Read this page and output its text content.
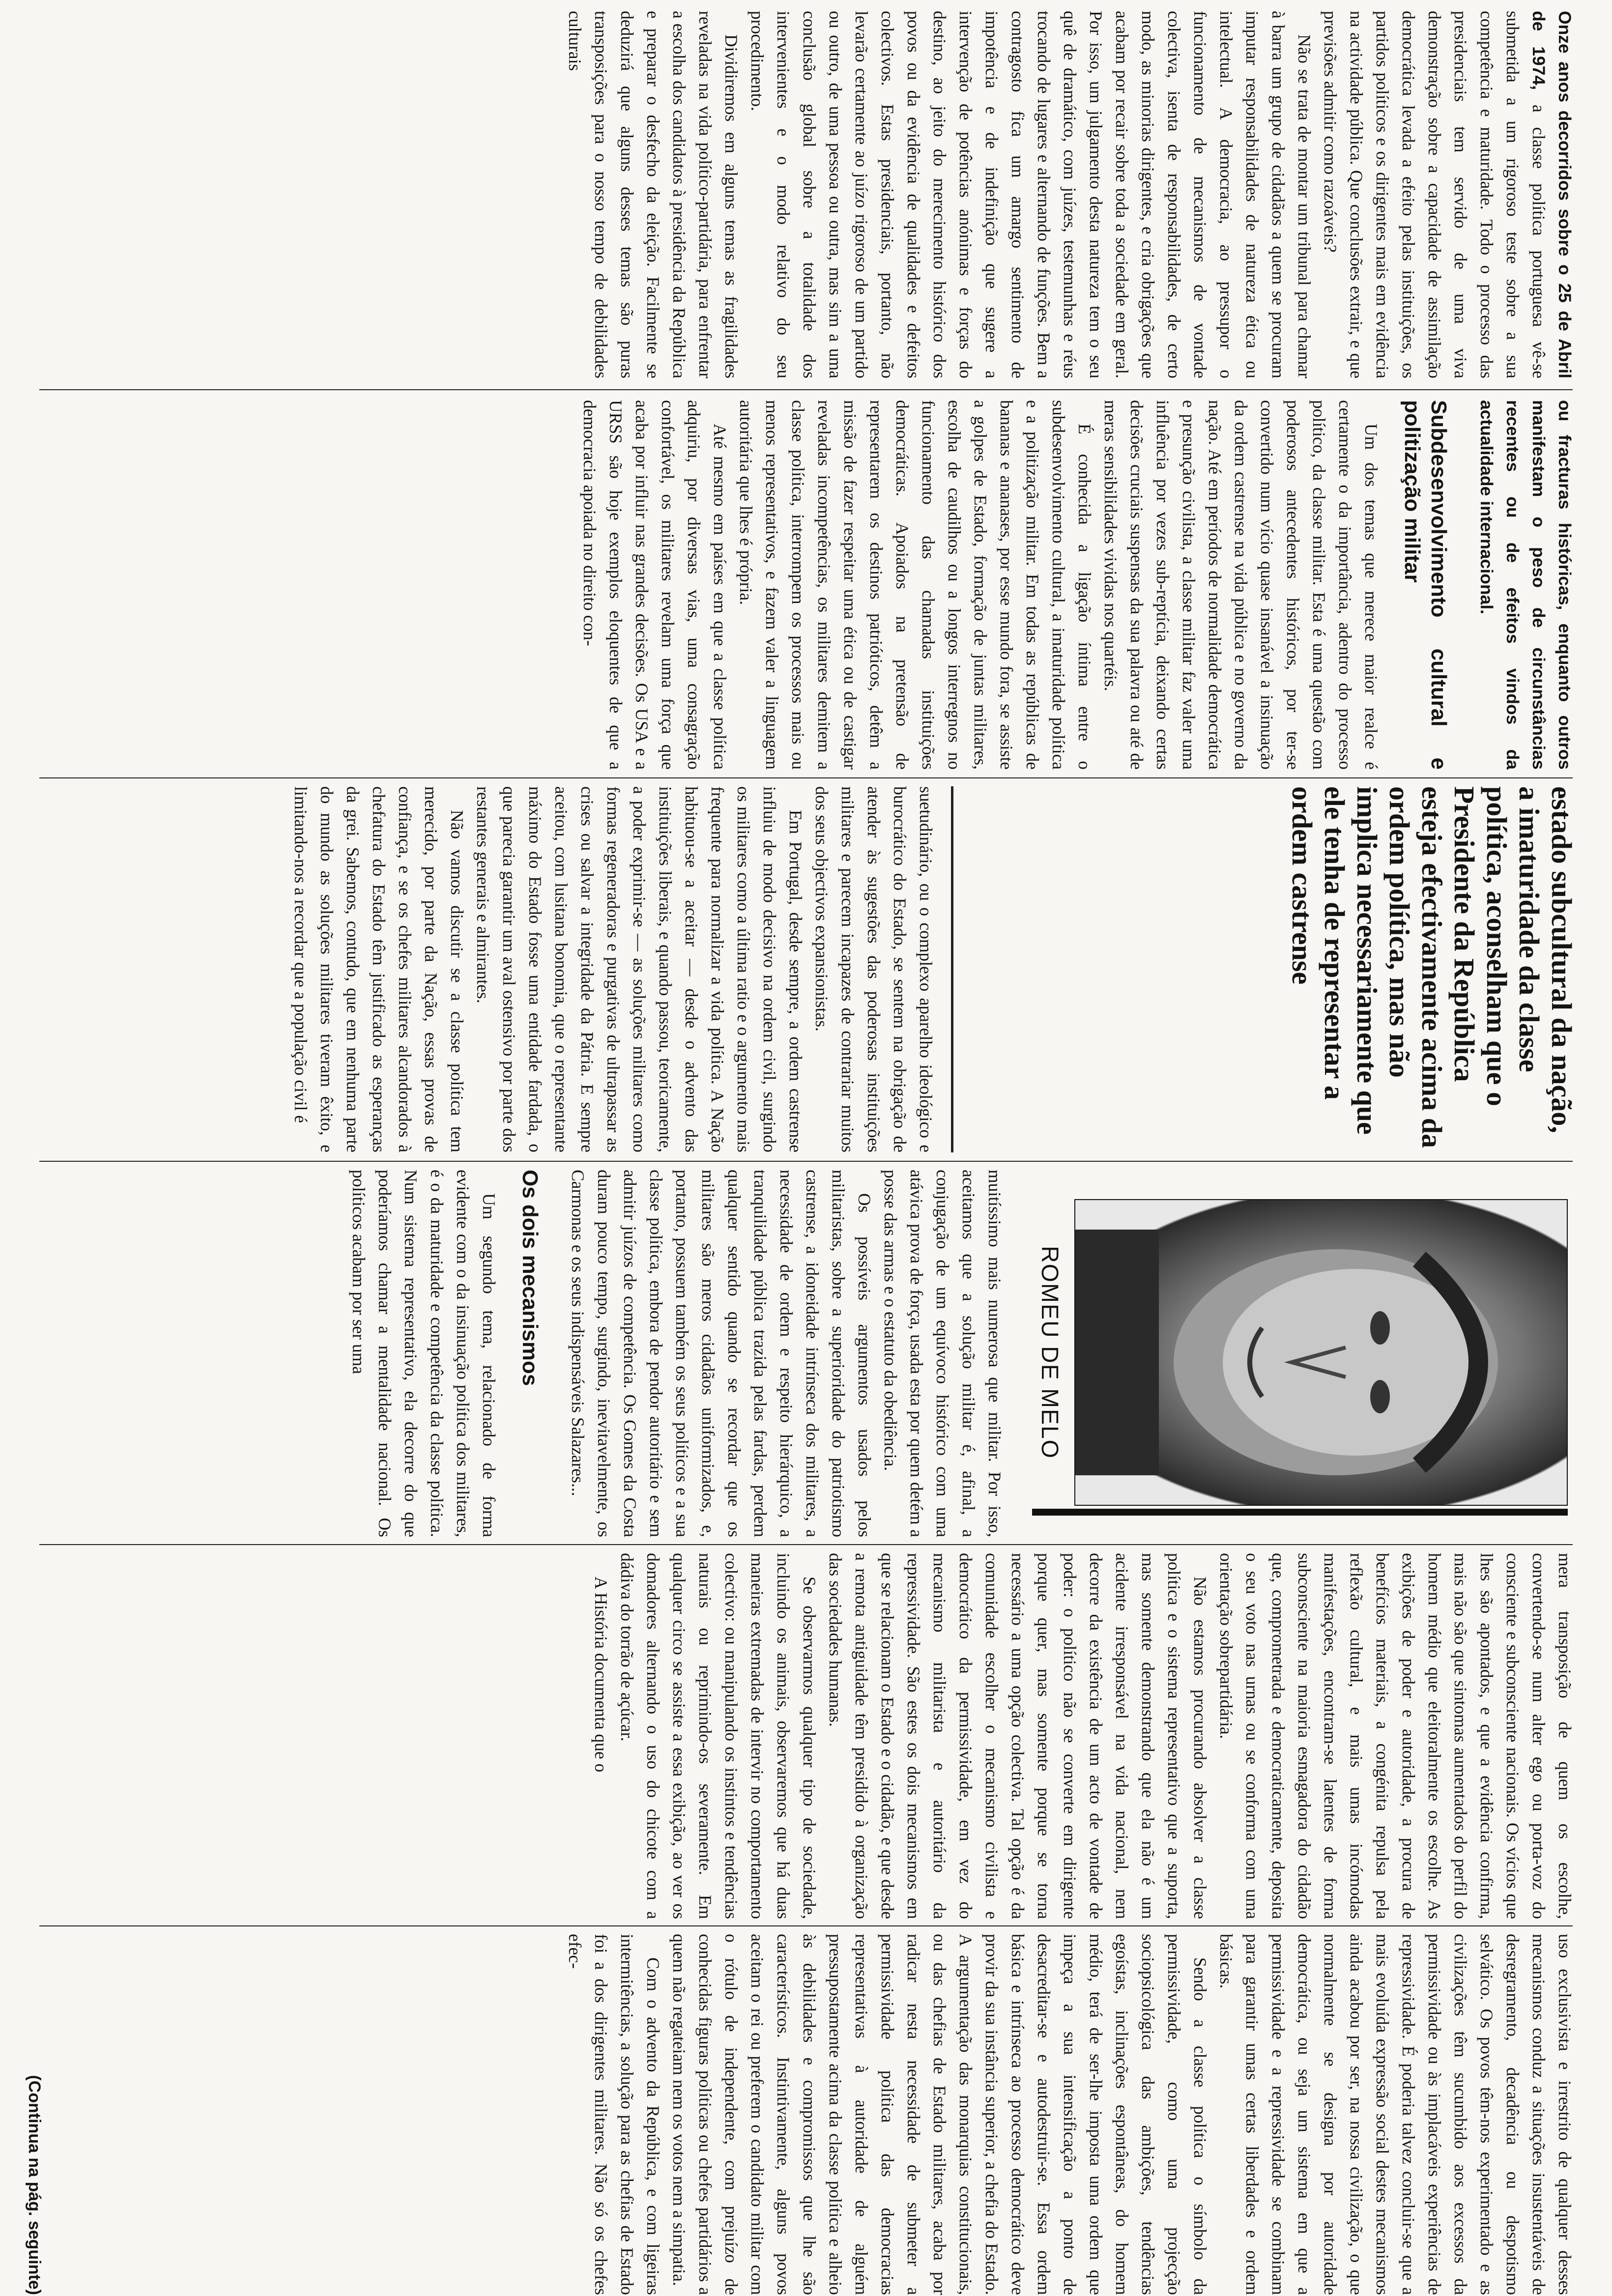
Onze anos decorridos sobre o 25 de Abril de 1974, a classe política portuguesa vê-se submetida a um rigoroso teste sobre a sua competência e maturidade. Todo o processo das presidenciais tem servido de uma viva demonstração sobre a capacidade de assimilação democrática levada a efeito pelas instituições, os partidos políticos e os dirigentes mais em evidência na actividade pública. Que conclusões extrair, e que previsões admitir como razoáveis?

Não se trata de montar um tribunal para chamar à barra um grupo de cidadãos a quem se procuram imputar responsabilidades de natureza ética ou intelectual. A democracia, ao pressupor o funcionamento de mecanismos de vontade colectiva, isenta de responsabilidades, de certo modo, as minorias dirigentes, e cria obrigações que acabam por recair sobre toda a sociedade em geral. Por isso, um julgamento desta natureza tem o seu quê de dramático, com juízes, testemunhas e réus trocando de lugares e alternando de funções. Bem a contragosto fica um amargo sentimento de impotência e de indefinição que sugere a intervenção de potências anónimas e forças do destino, ao jeito do merecimento histórico dos povos ou da evidência de qualidades e defeitos colectivos. Estas presidenciais, portanto, não levarão certamente ao juízo rigoroso de um partido ou outro, de uma pessoa ou outra, mas sim a uma conclusão global sobre a totalidade dos intervenientes e o modo relativo do seu procedimento.

Dividiremos em alguns temas as fragilidades reveladas na vida político-partidária, para enfrentar a escolha dos candidatos à presidência da República e preparar o desfecho da eleição. Facilmente se deduzirá que alguns desses temas são puras transposições para o nosso tempo de debilidades culturais

ou fracturas históricas, enquanto outros manifestam o peso de circunstâncias recentes ou de efeitos vindos da actualidade internacional.

Subdesenvolvimento cultural e politização militar

Um dos temas que merece maior realce é certamente o da importância, adentro do processo político, da classe militar. Esta é uma questão com poderosos antecedentes históricos, por ter-se convertido num vício quase insanável a insinuação da ordem castrense na vida pública e no governo da nação. Até em períodos de normalidade democrática e presunção civilista, a classe militar faz valer uma influência por vezes sub-reptícia, deixando certas decisões cruciais suspensas da sua palavra ou até de meras sensibilidades vividas nos quartéis.

É conhecida a ligação íntima entre o subdesenvolvimento cultural, a imaturidade política e a politização militar. Em todas as repúblicas de bananas e ananases, por esse mundo fora, se assiste a golpes de Estado, formação de juntas militares, escolha de caudilhos ou a longos interregnos no funcionamento das chamadas instituições democráticas. Apoiados na pretensão de representarem os destinos patrióticos, detêm a missão de fazer respeitar uma ética ou de castigar reveladas incompetências, os militares demitem a classe política, interrompem os processos mais ou menos representativos, e fazem valer a linguagem autoritária que lhes é própria.

Até mesmo em países em que a classe política adquiriu, por diversas vias, uma consagração confortável, os militares revelam uma força que acaba por influir nas grandes decisões. Os USA e a URSS são hoje exemplos eloquentes de que a democracia apoiada no direito con-

estado subcultural da nação, a imaturidade da classe política, aconselham que o Presidente da República esteja efectivamente acima da ordem política, mas não implica necessariamente que ele tenha de representar a ordem castrense

suetudinário, ou o complexo aparelho ideológico e burocrático do Estado, se sentem na obrigação de atender às sugestões das poderosas instituições militares e parecem incapazes de contrariar muitos dos seus objectivos expansionistas.

Em Portugal, desde sempre, a ordem castrense influiu de modo decisivo na ordem civil, surgindo os militares como a última ratio e o argumento mais frequente para normalizar a vida política. A Nação habituou-se a aceitar — desde o advento das instituições liberais, e quando passou, teoricamente, a poder exprimir-se — as soluções militares como formas regeneradoras e purgativas de ultrapassar as crises ou salvar a integridade da Pátria. E sempre aceitou, com lusitana bonomia, que o representante máximo do Estado fosse uma entidade fardada, o que parecia garantir um aval ostensivo por parte dos restantes generais e almirantes.

Não vamos discutir se a classe política tem merecido, por parte da Nação, essas provas de confiança, e se os chefes militares alcandorados à chefatura do Estado têm justificado as esperanças da grei. Sabemos, contudo, que em nenhuma parte do mundo as soluções militares tiveram êxito, e limitando-nos a recordar que a população civil é

ROMEU DE MELO

muitíssimo mais numerosa que militar. Por isso, aceitamos que a solução militar é, afinal, a conjugação de um equívoco histórico com uma atávica prova de força, usada esta por quem detém a posse das armas e o estatuto da obediência.

Os possíveis argumentos usados pelos militaristas, sobre a superioridade do patriotismo castrense, a idoneidade intrínseca dos militares, a necessidade de ordem e respeito hierárquico, a tranquilidade pública trazida pelas fardas, perdem qualquer sentido quando se recordar que os militares são meros cidadãos uniformizados, e, portanto, possuem também os seus políticos e a sua classe política, embora de pendor autoritário e sem admitir juízos de competência. Os Gomes da Costa duram pouco tempo, surgindo, inevitavelmente, os Carmonas e os seus indispensáveis Salazares...

Os dois mecanismos

Um segundo tema, relacionado de forma evidente com o da insinuação política dos militares, é o da maturidade e competência da classe política. Num sistema representativo, ela decorre do que poderíamos chamar a mentalidade nacional. Os políticos acabam por ser uma

mera transposição de quem os escolhe, convertendo-se num alter ego ou porta-voz do consciente e subconsciente nacionais. Os vícios que lhes são apontados, e que a evidência confirma, mais não são que sintomas aumentados do perfil do homem médio que eleitoralmente os escolhe. As exibições de poder e autoridade, a procura de benefícios materiais, a congénita repulsa pela reflexão cultural, e mais umas incómodas manifestações, encontram-se latentes de forma subconsciente na maioria esmagadora do cidadão que, comprometrada e democraticamente, deposita o seu voto nas urnas ou se conforma com uma orientação sobrepartidária.

Não estamos procurando absolver a classe política e o sistema representativo que a suporta, mas somente demonstrando que ela não é um acidente irresponsável na vida nacional, nem decorre da existência de um acto de vontade de poder: o político não se converte em dirigente porque quer, mas somente porque se torna necessário a uma opção colectiva. Tal opção é da comunidade escolher o mecanismo civilista e democrático da permissividade, em vez do mecanismo militarista e autoritário da repressividade. São estes os dois mecanismos em que se relacionam o Estado e o cidadão, e que desde a remota antiguidade têm presidido à organização das sociedades humanas.

Se observarmos qualquer tipo de sociedade, incluindo os animais, observaremos que há duas maneiras extremadas de intervir no comportamento colectivo: ou manipulando os instintos e tendências naturais ou reprimindo-os severamente. Em qualquer circo se assiste a essa exibição, ao ver os domadores alternando o uso do chicote com a dádiva do torrão de açúcar.

A História documenta que o

uso exclusivista e irrestrito de qualquer desses mecanismos conduz a situações insustentáveis de desregramento, decadência ou despotismo selvático. Os povos têm-nos experimentado e as civilizações têm sucumbido aos excessos da permissividade ou às implacáveis experiências de repressividade. É poderia talvez concluir-se que a mais evoluída expressão social destes mecanismos ainda acabou por ser, na nossa civilização, o que normalmente se designa por autoridade democrática, ou seja um sistema em que a permissividade e a repressividade se combinam para garantir umas certas liberdades e ordem básicas.

Sendo a classe política o símbolo da permissividade, como uma projecção sociopsicológica das ambições, tendências egoístas, inclinações espontâneas, do homem médio, terá de ser-lhe imposta uma ordem que impeça a sua intensificação a ponto de desacreditar-se e autodestruir-se. Essa ordem básica e intrínseca ao processo democrático deve provir da sua instância superior, a chefia do Estado. A argumentação das monarquias constitucionais, ou das chefias de Estado militares, acaba por radicar nesta necessidade de submeter a permissividade política das democracias representativas à autoridade de alguém pressupostamente acima da classe política e alheio às debilidades e compromissos que lhe são característicos. Instintivamente, alguns povos aceitam o rei ou preferem o candidato militar com o rótulo de independente, com prejuízo de conhecidas figuras políticas ou chefes partidários a quem não regateiam nem os votos nem a simpatia.

Com o advento da República, e com ligeiras intermitências, a solução para as chefias de Estado foi a dos dirigentes militares. Não só os chefes efec-

(Continua na pág. seguinte)
